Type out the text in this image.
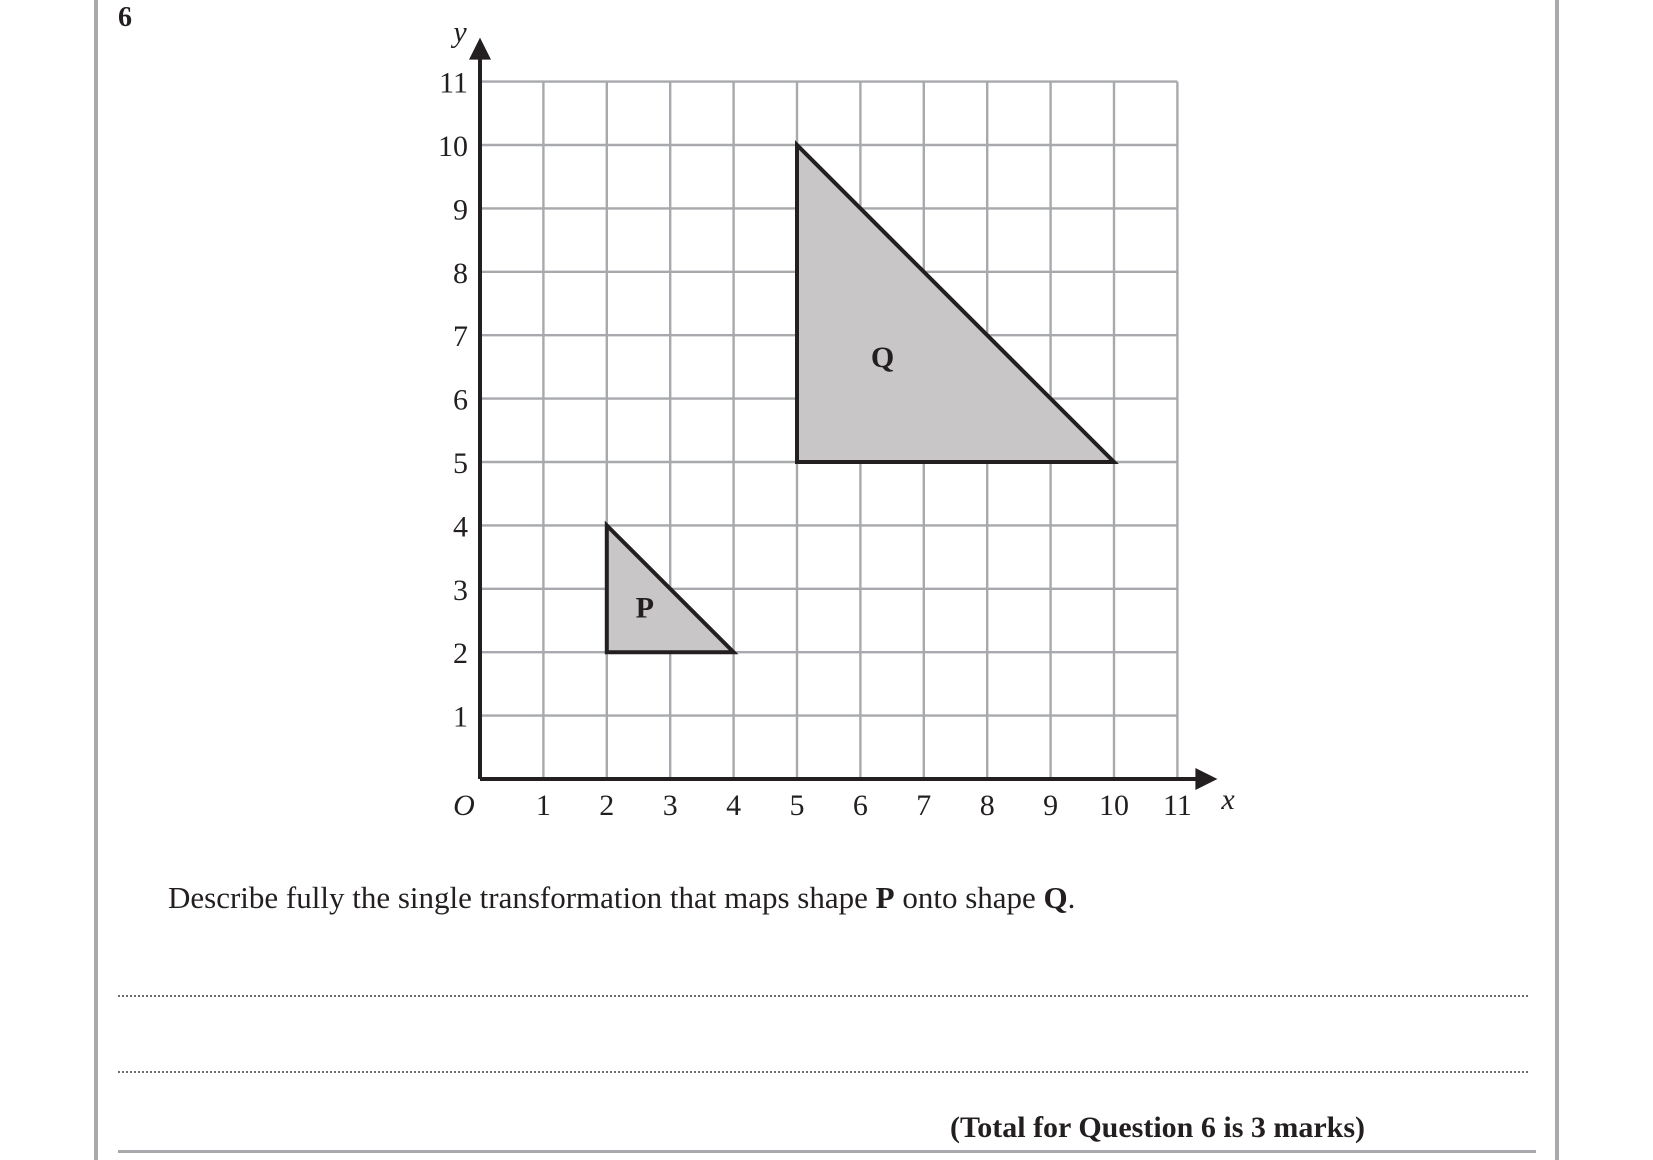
6
P
Q
1 2 3 4 5 6 7 8 9 10 11
1
2
3
4
5
6
7
8
9
10
11
O	x
y
Describe fully the single transformation that maps shape P onto shape Q.
(Total for Question 6 is 3 marks)
